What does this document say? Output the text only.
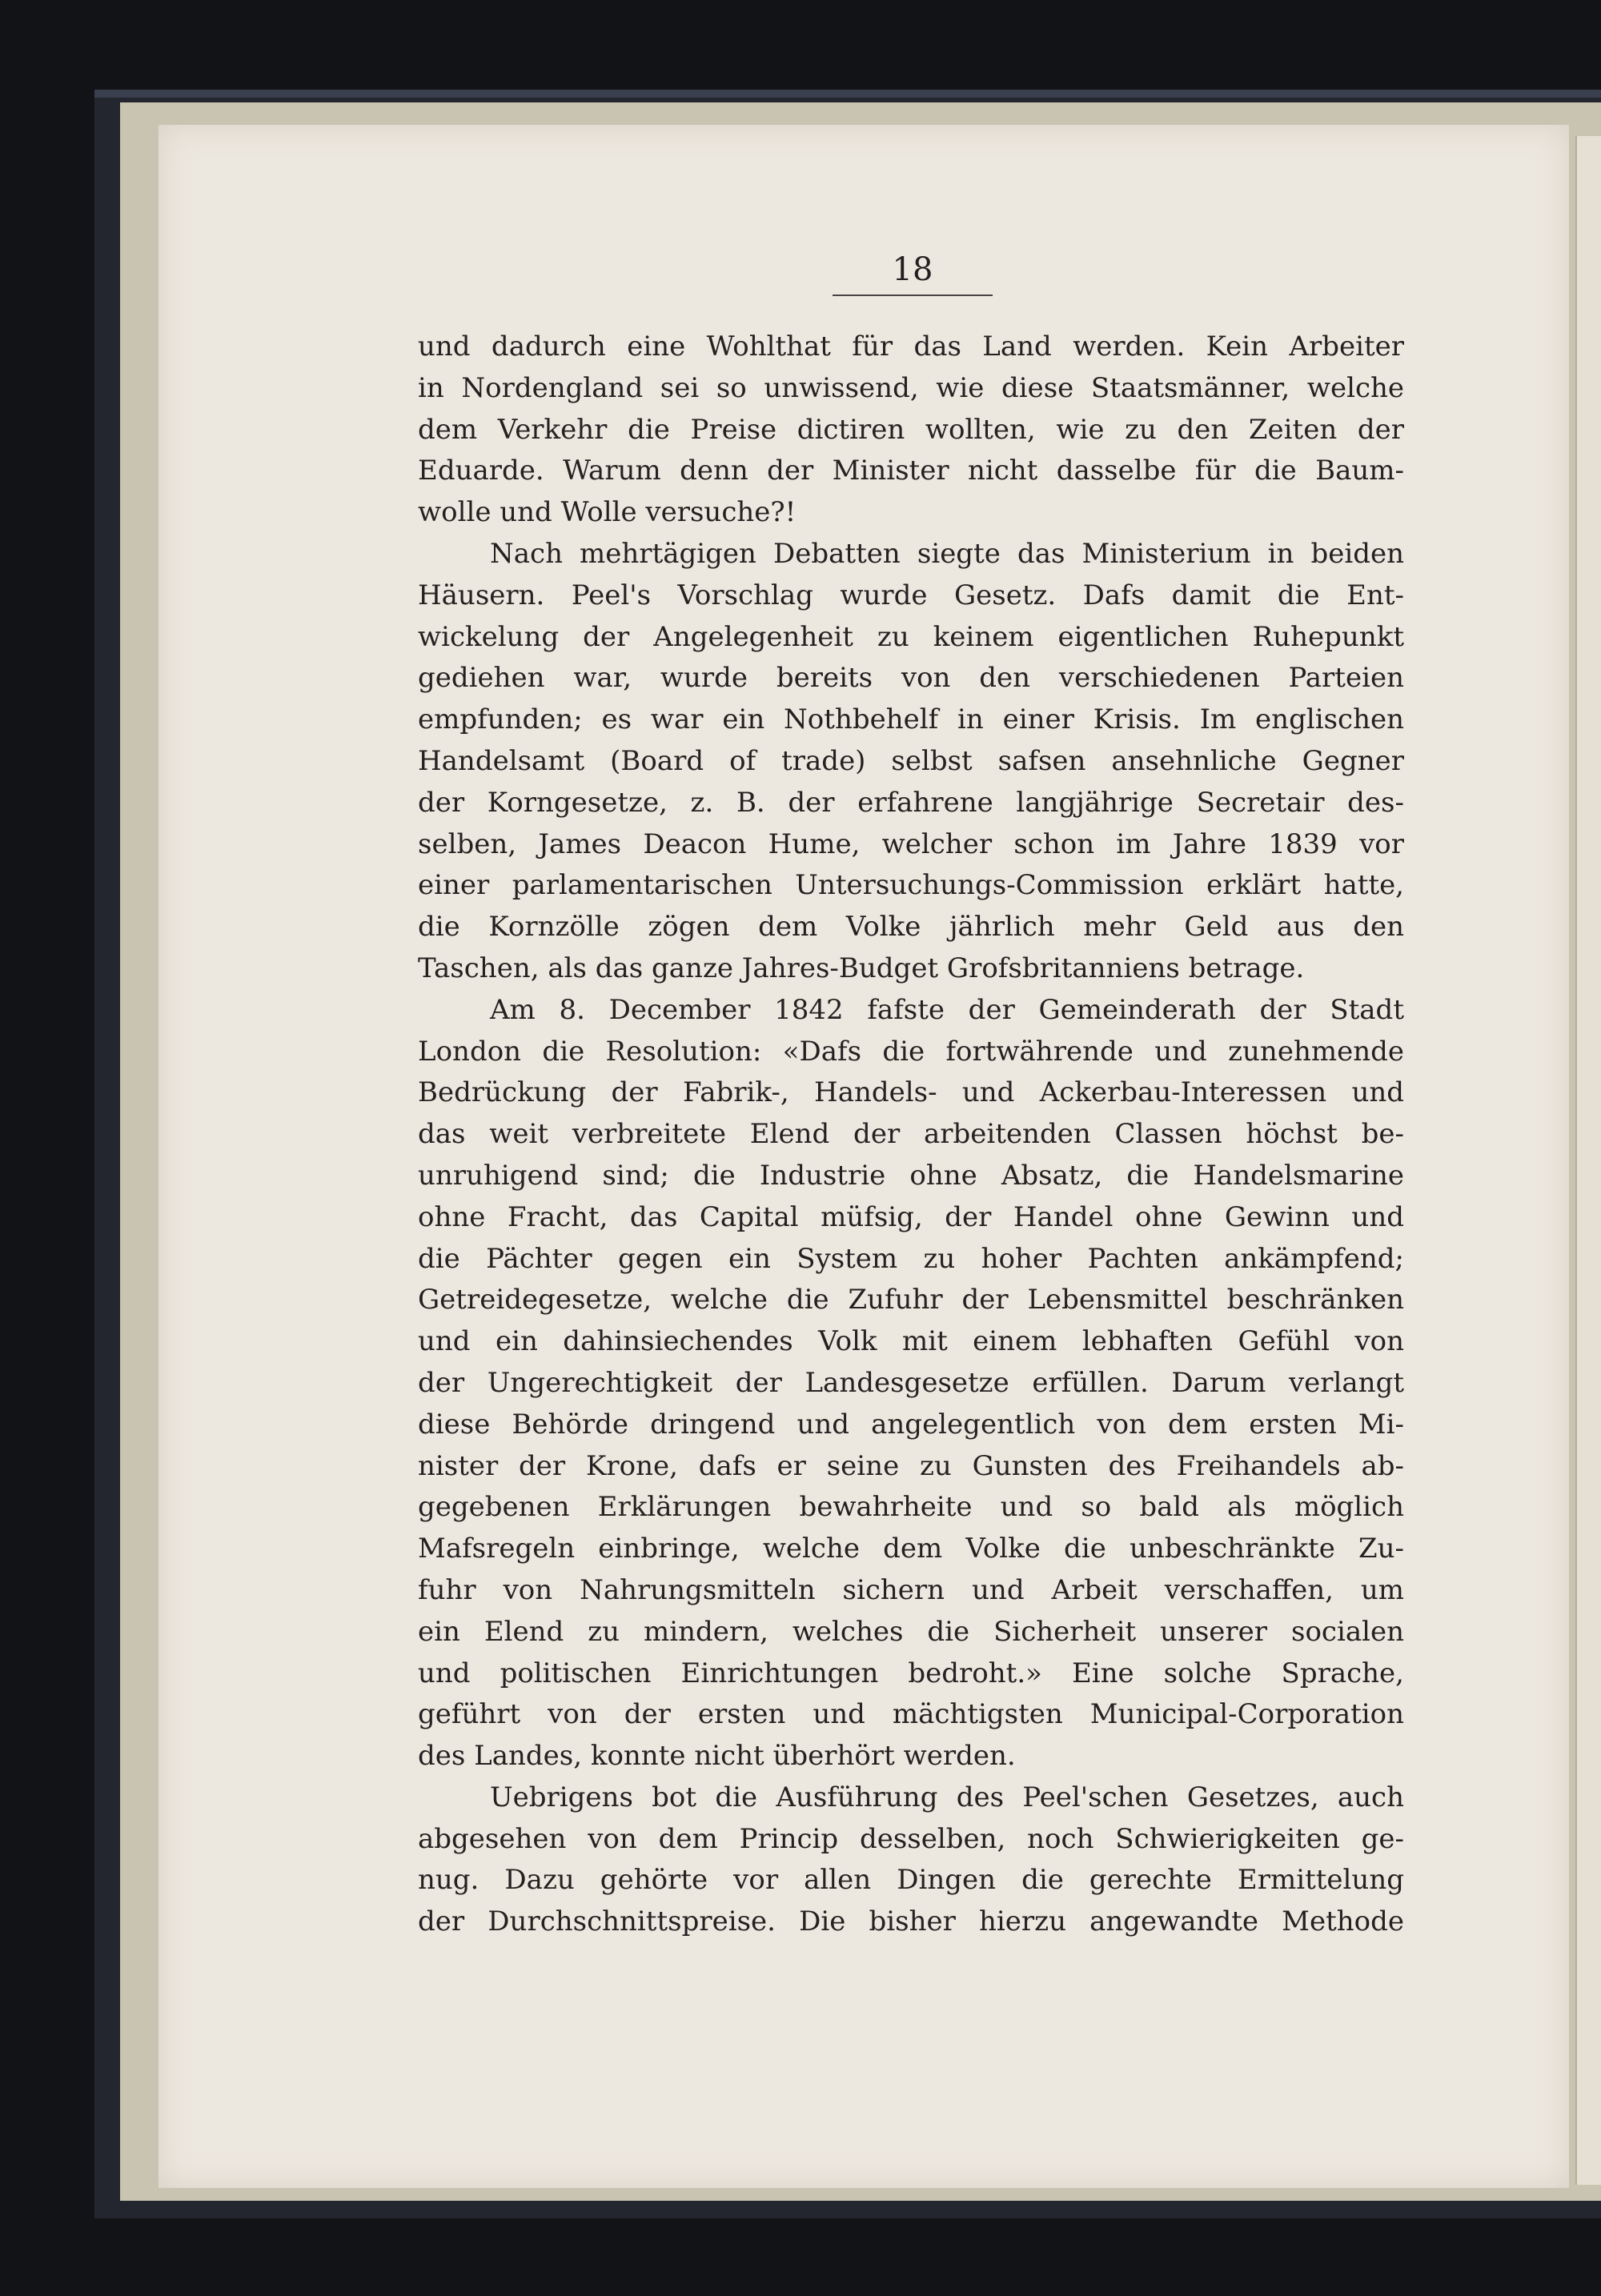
18
und dadurch eine Wohlthat für das Land werden. Kein Arbeiter
in Nordengland sei so unwissend, wie diese Staatsmänner, welche
dem Verkehr die Preise dictiren wollten, wie zu den Zeiten der
Eduarde. Warum denn der Minister nicht dasselbe für die Baum-
wolle und Wolle versuche?!
Nach mehrtägigen Debatten siegte das Ministerium in beiden
Häusern. Peel's Vorschlag wurde Gesetz. Dafs damit die Ent-
wickelung der Angelegenheit zu keinem eigentlichen Ruhepunkt
gediehen war, wurde bereits von den verschiedenen Parteien
empfunden; es war ein Nothbehelf in einer Krisis. Im englischen
Handelsamt (Board of trade) selbst safsen ansehnliche Gegner
der Korngesetze, z. B. der erfahrene langjährige Secretair des-
selben, James Deacon Hume, welcher schon im Jahre 1839 vor
einer parlamentarischen Untersuchungs-Commission erklärt hatte,
die Kornzölle zögen dem Volke jährlich mehr Geld aus den
Taschen, als das ganze Jahres-Budget Grofsbritanniens betrage.
Am 8. December 1842 fafste der Gemeinderath der Stadt
London die Resolution: «Dafs die fortwährende und zunehmende
Bedrückung der Fabrik-, Handels- und Ackerbau-Interessen und
das weit verbreitete Elend der arbeitenden Classen höchst be-
unruhigend sind; die Industrie ohne Absatz, die Handelsmarine
ohne Fracht, das Capital müfsig, der Handel ohne Gewinn und
die Pächter gegen ein System zu hoher Pachten ankämpfend;
Getreidegesetze, welche die Zufuhr der Lebensmittel beschränken
und ein dahinsiechendes Volk mit einem lebhaften Gefühl von
der Ungerechtigkeit der Landesgesetze erfüllen. Darum verlangt
diese Behörde dringend und angelegentlich von dem ersten Mi-
nister der Krone, dafs er seine zu Gunsten des Freihandels ab-
gegebenen Erklärungen bewahrheite und so bald als möglich
Mafsregeln einbringe, welche dem Volke die unbeschränkte Zu-
fuhr von Nahrungsmitteln sichern und Arbeit verschaffen, um
ein Elend zu mindern, welches die Sicherheit unserer socialen
und politischen Einrichtungen bedroht.» Eine solche Sprache,
geführt von der ersten und mächtigsten Municipal-Corporation
des Landes, konnte nicht überhört werden.
Uebrigens bot die Ausführung des Peel'schen Gesetzes, auch
abgesehen von dem Princip desselben, noch Schwierigkeiten ge-
nug. Dazu gehörte vor allen Dingen die gerechte Ermittelung
der Durchschnittspreise. Die bisher hierzu angewandte Methode
